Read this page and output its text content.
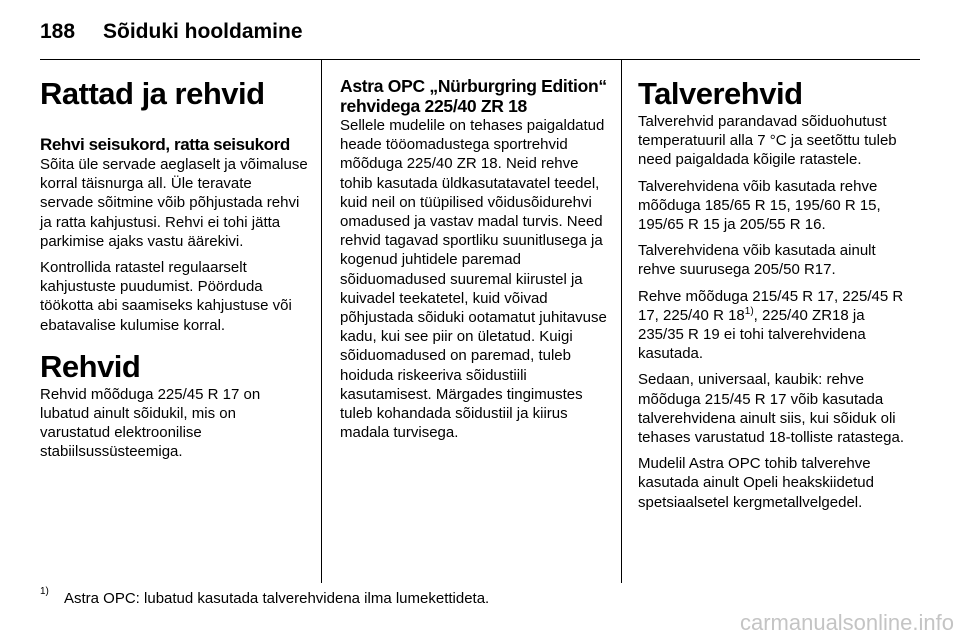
188 Sõiduki hooldamine
Rattad ja rehvid
Rehvi seisukord, ratta seisukord

Sõita üle servade aeglaselt ja võimaluse korral täisnurga all. Üle teravate servade sõitmine võib põhjustada rehvi ja ratta kahjustusi. Rehvi ei tohi jätta parkimise ajaks vastu äärekivi.

Kontrollida ratastel regulaarselt kahjustuste puudumist. Pöörduda töökotta abi saamiseks kahjustuse või ebatavalise kulumise korral.

Rehvid

Rehvid mõõduga 225/45 R 17 on lubatud ainult sõidukil, mis on varustatud elektroonilise stabiilsussüsteemiga.

Astra OPC „Nürburgring Edition“ rehvidega 225/40 ZR 18

Sellele mudelile on tehases paigaldatud heade tööomadustega sportrehvid mõõduga 225/40 ZR 18. Neid rehve tohib kasutada üldkasutatavatel teedel, kuid neil on tüüpilised võidusõidurehvi omadused ja vastav madal turvis. Need rehvid tagavad sportliku suunitlusega ja kogenud juhtidele paremad sõiduomadused suuremal kiirustel ja kuivadel teekatetel, kuid võivad põhjustada sõiduki ootamatut juhitavuse kadu, kui see piir on ületatud. Kuigi sõiduomadused on paremad, tuleb hoiduda riskeeriva sõidustiili kasutamisest. Märgades tingimustes tuleb kohandada sõidustiil ja kiirus madala turvisega.

Talverehvid

Talverehvid parandavad sõiduohutust temperatuuril alla 7 °C ja seetõttu tuleb need paigaldada kõigile ratastele.

Talverehvidena võib kasutada rehve mõõduga 185/65 R 15, 195/60 R 15, 195/65 R 15 ja 205/55 R 16.

Talverehvidena võib kasutada ainult rehve suurusega 205/50 R17.

Rehve mõõduga 215/45 R 17, 225/45 R 17, 225/40 R 18$^{1)}$, 225/40 ZR18 ja 235/35 R 19 ei tohi talverehvidena kasutada.

Sedaan, universaal, kaubik: rehve mõõduga 215/45 R 17 võib kasutada talverehvidena ainult siis, kui sõiduk oli tehases varustatud 18-tolliste ratastega.

Mudelil Astra OPC tohib talverehve kasutada ainult Opeli heakskiidetud spetsiaalsetel kergmetallvelgedel.

1) Astra OPC: lubatud kasutada talverehvidena ilma lumekettideta.
carmanualsonline.info
